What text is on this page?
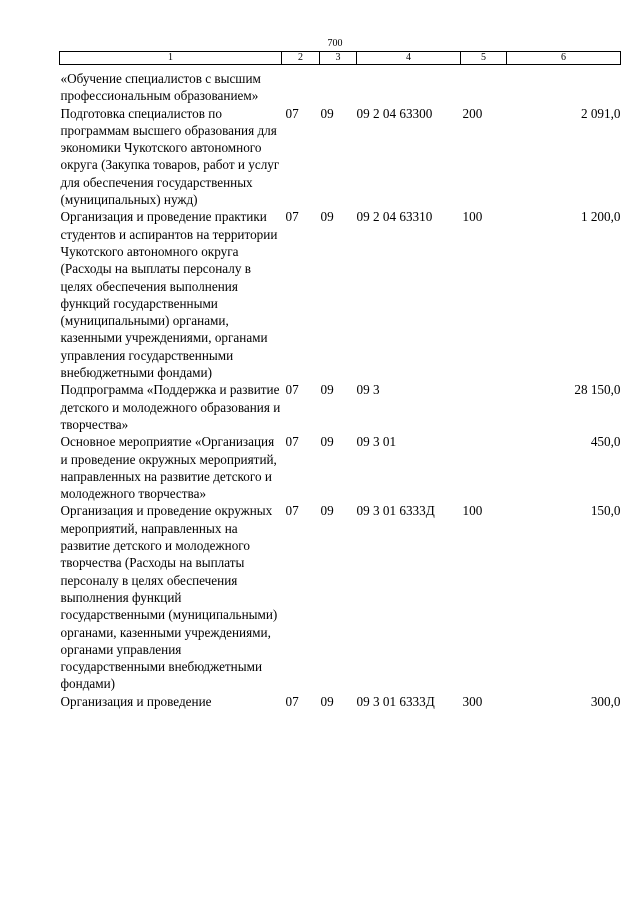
700
1	2	3	4	5	6
«Обучение специалистов с высшим профессиональным образованием»					
Подготовка специалистов по программам высшего образования для экономики Чукотского автономного округа (Закупка товаров, работ и услуг для обеспечения государственных (муниципальных) нужд)	07	09	09 2 04 63300	200	2 091,0
Организация и проведение практики студентов и аспирантов на территории Чукотского автономного округа (Расходы на выплаты персоналу в целях обеспечения выполнения функций государственными (муниципальными) органами, казенными учреждениями, органами управления государственными внебюджетными фондами)	07	09	09 2 04 63310	100	1 200,0
Подпрограмма «Поддержка и развитие детского и молодежного образования и творчества»	07	09	09 3		28 150,0
Основное мероприятие «Организация и проведение окружных мероприятий, направленных на развитие детского и молодежного творчества»	07	09	09 3 01		450,0
Организация и проведение окружных мероприятий, направленных на развитие детского и молодежного творчества (Расходы на выплаты персоналу в целях обеспечения выполнения функций государственными (муниципальными) органами, казенными учреждениями, органами управления государственными внебюджетными фондами)	07	09	09 3 01 6333Д	100	150,0
Организация и проведение	07	09	09 3 01 6333Д	300	300,0
